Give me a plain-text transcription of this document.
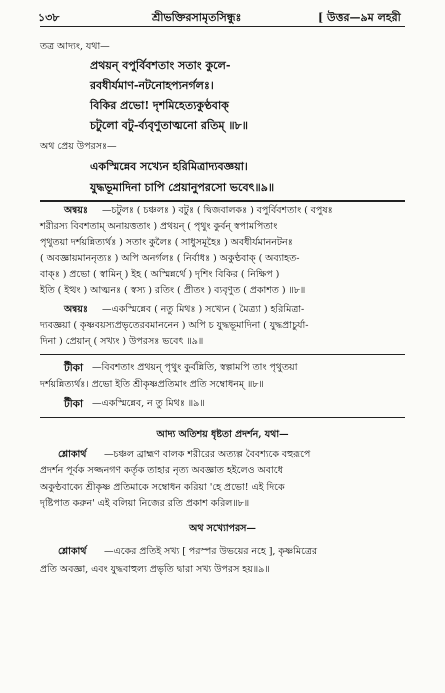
১৩৮	শ্রীভক্তিরসামৃতসিন্ধুঃ	[ উত্তর—৯ম লহরী
তত্র আদ্যং, যথা—
প্রথয়ন্ বপুর্বিবশতাং সতাং কুলে-
রবধীর্যমাণ-নটনোহপ্যনর্গলঃ।
বিকির প্রভো! দৃশমিহেত্যকুণ্ঠবাক্
চটুলো বটু-র্ব্যবৃণুতাত্মনো রতিম্ ॥৮॥
অথ প্রেয় উপরসঃ—
একস্মিন্নেব সখ্যেন হরিমিত্রাদ্যবজ্ঞয়া।
যুদ্ধভূমাদিনা চাপি প্রেয়ানুপরসো ভবেৎ॥৯॥
অন্বয়ঃ —চটুলঃ ( চঞ্চলঃ ) বটুঃ ( দ্বিজবালকঃ ) বপুর্বিবশতাং ( বপুষঃ
শরীরস্য বিবশতাম্ অনায়ত্ততাং ) প্রথয়ন্ ( পৃথুং কুর্বন্ স্বপামপিতাং
পৃথুতয়া দর্শয়ন্নিত্যর্থঃ ) সতাং কুলৈঃ ( সাধুসমূহৈঃ ) অবধীর্যমাননটনঃ
( অবজ্ঞায়মাননৃত্যঃ ) অপি অনর্গলঃ ( নির্বাধঃ ) অকুণ্ঠবাক্ ( অব্যাহত-
বাক্ঃ ) প্রভো ( স্বামিন্ ) ইহ ( অস্মিন্নর্থে ) দৃশিং বিকির ( নিক্ষিপ )
ইতি ( ইত্থং ) আত্মনঃ ( স্বস্য ) রতিং ( প্রীতং ) ব্যবৃণুত ( প্রকাশত ) ॥৮॥
অন্বয়ঃ —একস্মিন্নেব ( নতু মিথঃ ) সখ্যেন ( মৈত্র্যা ) হরিমিত্রা-
দ্যবজ্ঞয়া ( কৃষ্ণবয়স্যপ্রভৃতেরবমাননেন ) অপি চ যুদ্ধভূমাদিনা ( যুদ্ধপ্রাচুর্যা-
দিনা ) প্রেয়ান্ ( সখ্যং ) উপরসঃ ভবেৎ ॥৯॥
টীকা —বিবশতাং প্রথয়ন্ পৃথুং কুর্বন্নিতি, স্বল্পামপি তাং পৃথুতয়া
দর্শয়ন্নিত্যর্থঃ। প্রভো ইতি শ্রীকৃষ্ণপ্রতিমাং প্রতি সম্বোধনম্ ॥৮॥
টীকা —একস্মিন্নেব, ন তু মিথঃ ॥৯॥
আদ্য অতিশয় ধৃষ্টতা প্রদর্শন, যথা—
শ্লোকার্থ —চঞ্চল ব্রাহ্মণ বালক শরীরের অত্যল্প বৈবশ্যকে বহুরূপে
প্রদর্শন পূর্বক সজ্জনগণ কর্তৃক তাহার নৃত্য অবজ্ঞাত হইলেও অবাধে
অকুণ্ঠবাক্যে শ্রীকৃষ্ণ প্রতিমাকে সম্বোধন করিয়া 'হে প্রভো! এই দিকে
দৃষ্টিপাত করুন' এই বলিয়া নিজের রতি প্রকাশ করিল॥৮॥
অথ সখ্যোপরস—
শ্লোকার্থ —একের প্রতিই সখ্য [ পরস্পর উভয়ের নহে ], কৃষ্ণমিত্রের
প্রতি অবজ্ঞা, এবং যুদ্ধবাহুল্য প্রভৃতি দ্বারা সখ্য উপরস হয়॥৯॥
